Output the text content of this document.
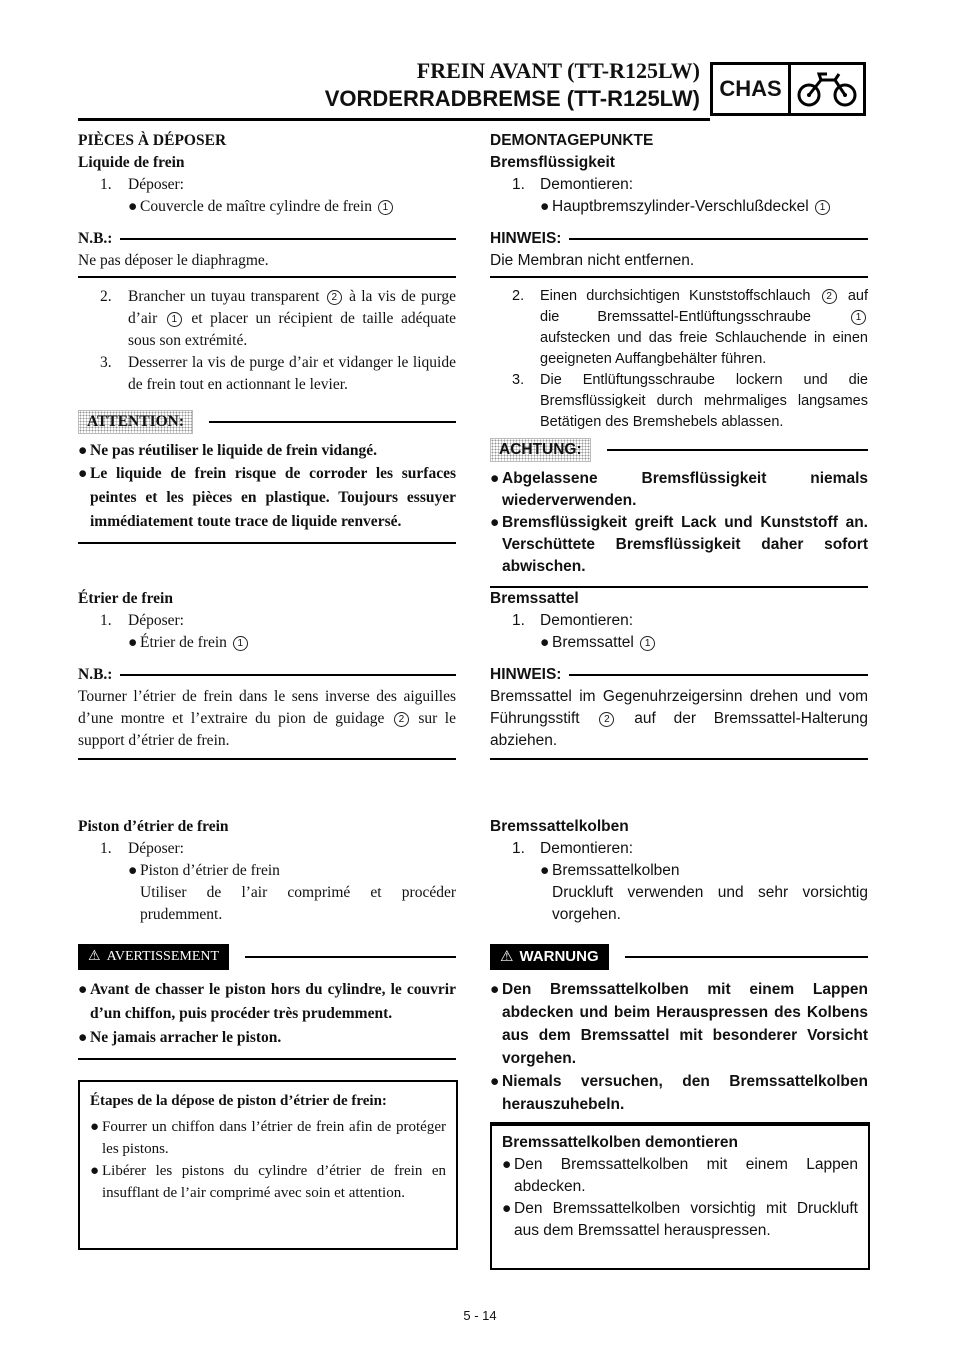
FREIN AVANT (TT-R125LW)
VORDERRADBREMSE (TT-R125LW) CHAS
PIÈCES À DÉPOSER
Liquide de frein
1.	Déposer:
● Couvercle de maître cylindre de frein 1
N.B.:
Ne pas déposer le diaphragme.
2.	Brancher un tuyau transparent 2 à la vis de purge d’air 1 et placer un récipient de taille adéquate sous son extrémité.
3.	Desserrer la vis de purge d’air et vidanger le liquide de frein tout en actionnant le levier.
ATTENTION:
● Ne pas réutiliser le liquide de frein vidangé.
● Le liquide de frein risque de corroder les surfaces peintes et les pièces en plastique. Toujours essuyer immédiatement toute trace de liquide renversé.
Étrier de frein
1.	Déposer:
● Étrier de frein 1
N.B.:
Tourner l’étrier de frein dans le sens inverse des aiguilles d’une montre et l’extraire du pion de guidage 2 sur le support d’étrier de frein.
Piston d’étrier de frein
1.	Déposer:
● Piston d’étrier de frein
Utiliser de l’air comprimé et procéder prudemment.
⚠ AVERTISSEMENT
● Avant de chasser le piston hors du cylindre, le couvrir d’un chiffon, puis procéder très prudemment.
● Ne jamais arracher le piston.
Étapes de la dépose de piston d’étrier de frein:
● Fourrer un chiffon dans l’étrier de frein afin de protéger les pistons.
● Libérer les pistons du cylindre d’étrier de frein en insufflant de l’air comprimé avec soin et attention.
DEMONTAGEPUNKTE
Bremsflüssigkeit
1. Demontieren:
● Hauptbremszylinder-Verschlußdeckel 1
HINWEIS:
Die Membran nicht entfernen.
2.	Einen durchsichtigen Kunststoffschlauch 2 auf die Bremssattel-Entlüftungsschraube	1 aufstecken und das freie Schlauchende in einen geeigneten Auffangbehälter führen.
3.	Die Entlüftungsschraube lockern und die Bremsflüssigkeit durch mehrmaliges langsames Betätigen des Bremshebels ablassen.
ACHTUNG:
● Abgelassene Bremsflüssigkeit niemals wiederverwenden.
● Bremsflüssigkeit greift Lack und Kunststoff an. Verschüttete Bremsflüssigkeit daher sofort abwischen.
Bremssattel
1. Demontieren:
● Bremssattel 1
HINWEIS:
Bremssattel im Gegenuhrzeigersinn drehen und vom Führungsstift 2 auf der Bremssattel-Halterung abziehen.
Bremssattelkolben
1. Demontieren:
● Bremssattelkolben
Druckluft verwenden und sehr vorsichtig vorgehen.
⚠ WARNUNG
● Den Bremssattelkolben mit einem Lappen abdecken und beim Herauspressen des Kolbens aus dem Bremssattel mit besonderer Vorsicht vorgehen.
● Niemals versuchen, den Bremssattelkolben herauszuhebeln.
Bremssattelkolben demontieren
● Den Bremssattelkolben mit einem Lappen abdecken.
● Den Bremssattelkolben vorsichtig mit Druckluft aus dem Bremssattel herauspressen.
5 - 14
